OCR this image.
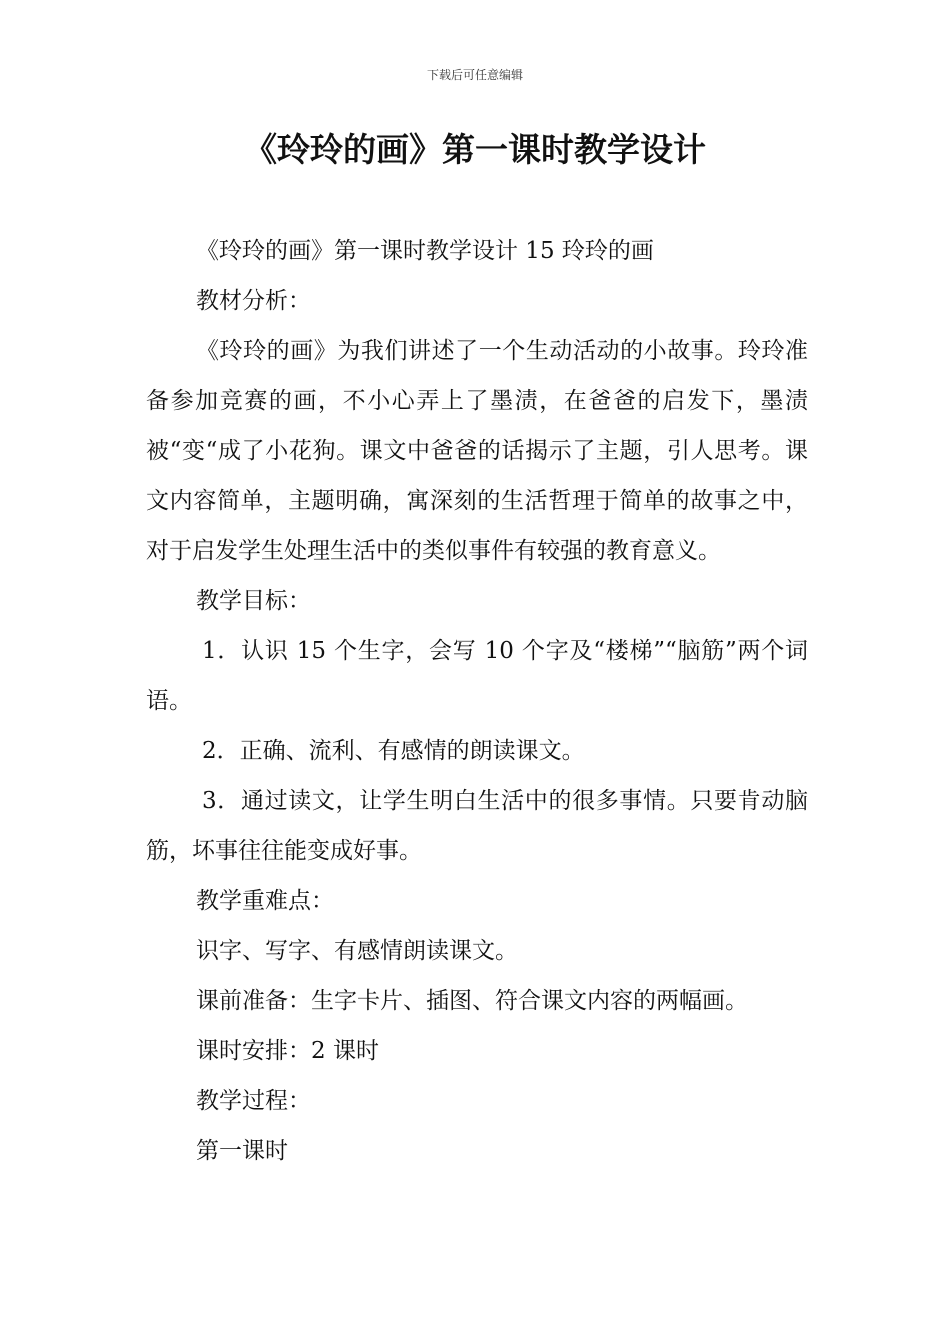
下载后可任意编辑
《玲玲的画》第一课时教学设计

《玲玲的画》第一课时教学设计 15 玲玲的画

教材分析：

《玲玲的画》为我们讲述了一个生动活动的小故事。玲玲准备参加竞赛的画，不小心弄上了墨渍，在爸爸的启发下，墨渍被“变“成了小花狗。课文中爸爸的话揭示了主题，引人思考。课文内容简单，主题明确，寓深刻的生活哲理于简单的故事之中，对于启发学生处理生活中的类似事件有较强的教育意义。

教学目标：

1．认识 15 个生字，会写 10 个字及“楼梯”“脑筋”两个词语。

2．正确、流利、有感情的朗读课文。

3．通过读文，让学生明白生活中的很多事情。只要肯动脑筋，坏事往往能变成好事。

教学重难点：

识字、写字、有感情朗读课文。

课前准备：生字卡片、插图、符合课文内容的两幅画。

课时安排：2 课时

教学过程：

第一课时
